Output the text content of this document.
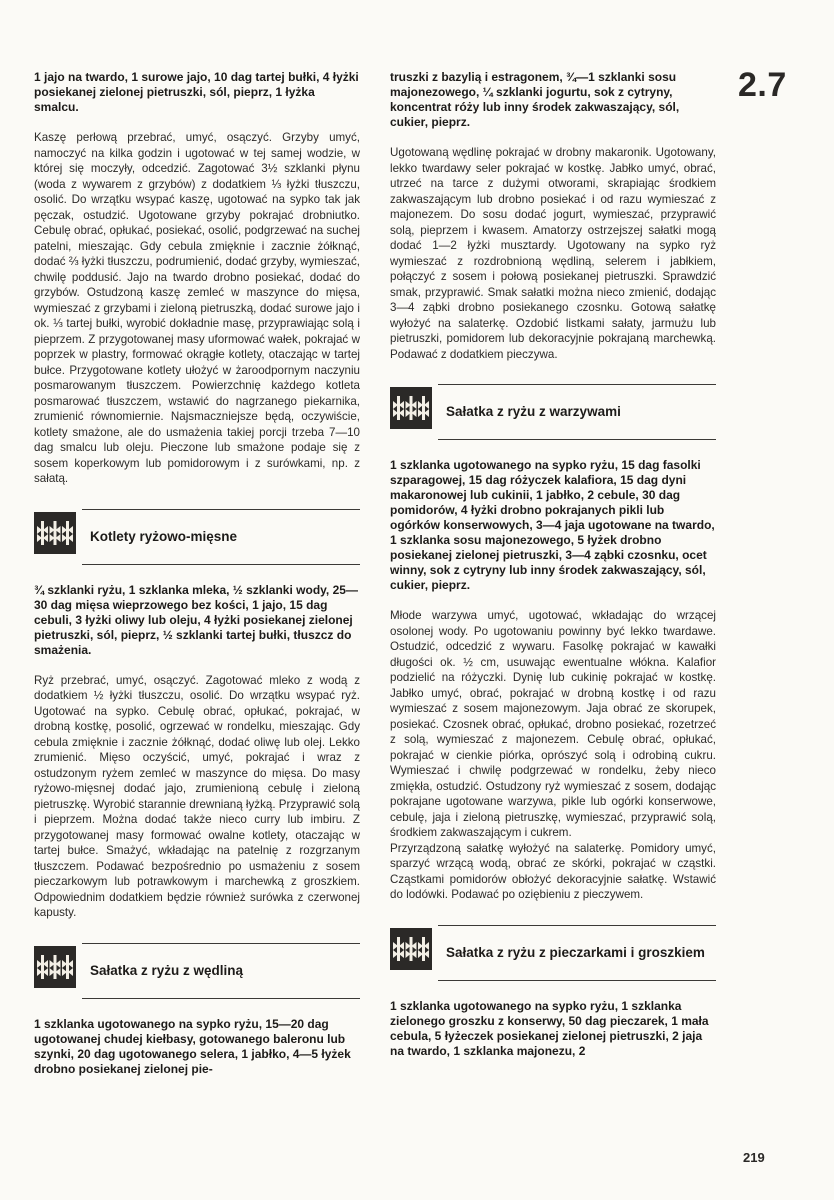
2.7
1 jajo na twardo, 1 surowe jajo, 10 dag tartej bułki, 4 łyżki posiekanej zielonej pietruszki, sól, pieprz, 1 łyżka smalcu.
Kaszę perłową przebrać, umyć, osączyć. Grzyby umyć, namoczyć na kilka godzin i ugotować w tej samej wodzie, w której się moczyły, odcedzić. Zagotować 3½ szklanki płynu (woda z wywarem z grzybów) z dodatkiem ⅓ łyżki tłuszczu, osolić. Do wrzątku wsypać kaszę, ugotować na sypko tak jak pęczak, ostudzić. Ugotowane grzyby pokrajać drobniutko. Cebulę obrać, opłukać, posiekać, osolić, podgrzewać na suchej patelni, mieszając. Gdy cebula zmięknie i zacznie żółknąć, dodać ⅔ łyżki tłuszczu, podrumienić, dodać grzyby, wymieszać, chwilę poddusić. Jajo na twardo drobno posiekać, dodać do grzybów. Ostudzoną kaszę zemleć w maszynce do mięsa, wymieszać z grzybami i zieloną pietruszką, dodać surowe jajo i ok. ⅓ tartej bułki, wyrobić dokładnie masę, przyprawiając solą i pieprzem. Z przygotowanej masy uformować wałek, pokrajać w poprzek w plastry, formować okrągłe kotlety, otaczając w tartej bułce. Przygotowane kotlety ułożyć w żaroodpornym naczyniu posmarowanym tłuszczem. Powierzchnię każdego kotleta posmarować tłuszczem, wstawić do nagrzanego piekarnika, zrumienić równomiernie. Najsmaczniejsze będą, oczywiście, kotlety smażone, ale do usmażenia takiej porcji trzeba 7—10 dag smalcu lub oleju. Pieczone lub smażone podaje się z sosem koperkowym lub pomidorowym i z surówkami, np. z sałatą.
Kotlety ryżowo-mięsne
¾ szklanki ryżu, 1 szklanka mleka, ½ szklanki wody, 25—30 dag mięsa wieprzowego bez kości, 1 jajo, 15 dag cebuli, 3 łyżki oliwy lub oleju, 4 łyżki posiekanej zielonej pietruszki, sól, pieprz, ½ szklanki tartej bułki, tłuszcz do smażenia.
Ryż przebrać, umyć, osączyć. Zagotować mleko z wodą z dodatkiem ½ łyżki tłuszczu, osolić. Do wrzątku wsypać ryż. Ugotować na sypko. Cebulę obrać, opłukać, pokrajać, w drobną kostkę, posolić, ogrzewać w rondelku, mieszając. Gdy cebula zmięknie i zacznie żółknąć, dodać oliwę lub olej. Lekko zrumienić. Mięso oczyścić, umyć, pokrajać i wraz z ostudzonym ryżem zemleć w maszynce do mięsa. Do masy ryżowo-mięsnej dodać jajo, zrumienioną cebulę i zieloną pietruszkę. Wyrobić starannie drewnianą łyżką. Przyprawić solą i pieprzem. Można dodać także nieco curry lub imbiru. Z przygotowanej masy formować owalne kotlety, otaczając w tartej bułce. Smażyć, wkładając na patelnię z rozgrzanym tłuszczem. Podawać bezpośrednio po usmażeniu z sosem pieczarkowym lub potrawkowym i marchewką z groszkiem. Odpowiednim dodatkiem będzie również surówka z czerwonej kapusty.
Sałatka z ryżu z wędliną
1 szklanka ugotowanego na sypko ryżu, 15—20 dag ugotowanej chudej kiełbasy, gotowanego baleronu lub szynki, 20 dag ugotowanego selera, 1 jabłko, 4—5 łyżek drobno posiekanej zielonej pie-
truszki z bazylią i estragonem, ¾—1 szklanki sosu majonezowego, ¼ szklanki jogurtu, sok z cytryny, koncentrat róży lub inny środek zakwaszający, sól, cukier, pieprz.
Ugotowaną wędlinę pokrajać w drobny makaronik. Ugotowany, lekko twardawy seler pokrajać w kostkę. Jabłko umyć, obrać, utrzeć na tarce z dużymi otworami, skrapiając środkiem zakwaszającym lub drobno posiekać i od razu wymieszać z majonezem. Do sosu dodać jogurt, wymieszać, przyprawić solą, pieprzem i kwasem. Amatorzy ostrzejszej sałatki mogą dodać 1—2 łyżki musztardy. Ugotowany na sypko ryż wymieszać z rozdrobnioną wędliną, selerem i jabłkiem, połączyć z sosem i połową posiekanej pietruszki. Sprawdzić smak, przyprawić. Smak sałatki można nieco zmienić, dodając 3—4 ząbki drobno posiekanego czosnku. Gotową sałatkę wyłożyć na salaterkę. Ozdobić listkami sałaty, jarmużu lub pietruszki, pomidorem lub dekoracyjnie pokrajaną marchewką. Podawać z dodatkiem pieczywa.
Sałatka z ryżu z warzywami
1 szklanka ugotowanego na sypko ryżu, 15 dag fasolki szparagowej, 15 dag różyczek kalafiora, 15 dag dyni makaronowej lub cukinii, 1 jabłko, 2 cebule, 30 dag pomidorów, 4 łyżki drobno pokrajanych pikli lub ogórków konserwowych, 3—4 jaja ugotowane na twardo, 1 szklanka sosu majonezowego, 5 łyżek drobno posiekanej zielonej pietruszki, 3—4 ząbki czosnku, ocet winny, sok z cytryny lub inny środek zakwaszający, sól, cukier, pieprz.

Młode warzywa umyć, ugotować, wkładając do wrzącej osolonej wody. Po ugotowaniu powinny być lekko twardawe. Ostudzić, odcedzić z wywaru. Fasolkę pokrajać w kawałki długości ok. ½ cm, usuwając ewentualne włókna. Kalafior podzielić na różyczki. Dynię lub cukinię pokrajać w kostkę. Jabłko umyć, obrać, pokrajać w drobną kostkę i od razu wymieszać z sosem majonezowym. Jaja obrać ze skorupek, posiekać. Czosnek obrać, opłukać, drobno posiekać, rozetrzeć z solą, wymieszać z majonezem. Cebulę obrać, opłukać, pokrajać w cienkie piórka, oprószyć solą i odrobiną cukru. Wymieszać i chwilę podgrzewać w rondelku, żeby nieco zmiękła, ostudzić. Ostudzony ryż wymieszać z sosem, dodając pokrajane ugotowane warzywa, pikle lub ogórki konserwowe, cebulę, jaja i zieloną pietruszkę, wymieszać, przyprawić solą, środkiem zakwaszającym i cukrem.

Przyrządzoną sałatkę wyłożyć na salaterkę. Pomidory umyć, sparzyć wrzącą wodą, obrać ze skórki, pokrajać w cząstki. Cząstkami pomidorów obłożyć dekoracyjnie sałatkę. Wstawić do lodówki. Podawać po oziębieniu z pieczywem.

Sałatka z ryżu z pieczarkami i groszkiem
1 szklanka ugotowanego na sypko ryżu, 1 szklanka zielonego groszku z konserwy, 50 dag pieczarek, 1 mała cebula, 5 łyżeczek posiekanej zielonej pietruszki, 2 jaja na twardo, 1 szklanka majonezu, 2
219
